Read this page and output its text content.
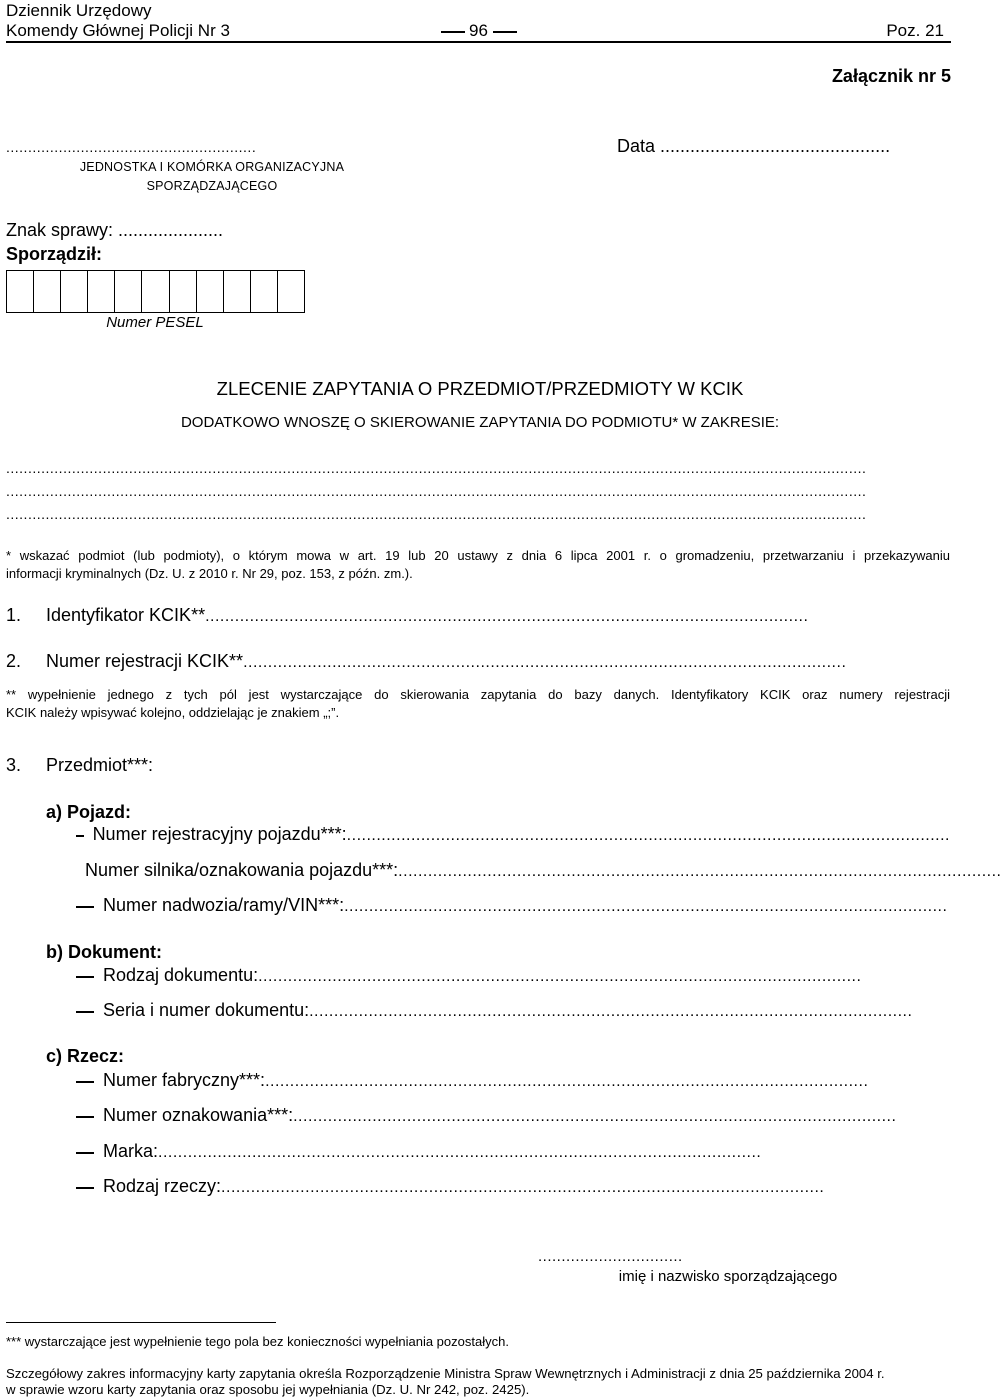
Dziennik Urzędowy
Komendy Głównej Policji Nr 3	96	Poz. 21
Załącznik nr 5
.........................................................
JEDNOSTKA I KOMÓRKA ORGANIZACYJNA
SPORZĄDZAJĄCEGO
Data ..............................................
Znak sprawy: .....................
Sporządził:
Numer PESEL
ZLECENIE ZAPYTANIA O PRZEDMIOT/PRZEDMIOTY W KCIK
DODATKOWO WNOSZĘ O SKIEROWANIE ZAPYTANIA DO PODMIOTU* W ZAKRESIE:
....................................................................................................................................................................................................
....................................................................................................................................................................................................
....................................................................................................................................................................................................
* wskazać podmiot (lub podmioty), o którym mowa w art. 19 lub 20 ustawy z dnia 6 lipca 2001 r. o gromadzeniu, przetwarzaniu i przekazywaniu
informacji kryminalnych (Dz. U. z 2010 r. Nr 29, poz. 153, z późn. zm.).
1.	Identyfikator KCIK** ..........................................................................................................................
2.	Numer rejestracji KCIK** ..........................................................................................................................
** wypełnienie jednego z tych pól jest wystarczające do skierowania zapytania do bazy danych. Identyfikatory KCIK oraz numery rejestracji
KCIK należy wpisywać kolejno, oddzielając je znakiem „;”.
3.	Przedmiot***:
a) Pojazd:
Numer rejestracyjny pojazdu***: ..........................................................................................................................
Numer silnika/oznakowania pojazdu***: ..........................................................................................................................
Numer nadwozia/ramy/VIN***: ..........................................................................................................................
b) Dokument:
Rodzaj dokumentu: ..........................................................................................................................
Seria i numer dokumentu: ..........................................................................................................................
c) Rzecz:
Numer fabryczny***: ..........................................................................................................................
Numer oznakowania***: ..........................................................................................................................
Marka: ..........................................................................................................................
Rodzaj rzeczy: ..........................................................................................................................
...............................
imię i nazwisko sporządzającego
*** wystarczające jest wypełnienie tego pola bez konieczności wypełniania pozostałych.
Szczegółowy zakres informacyjny karty zapytania określa Rozporządzenie Ministra Spraw Wewnętrznych i Administracji z dnia 25 października 2004 r.
w sprawie wzoru karty zapytania oraz sposobu jej wypełniania (Dz. U. Nr 242, poz. 2425).
